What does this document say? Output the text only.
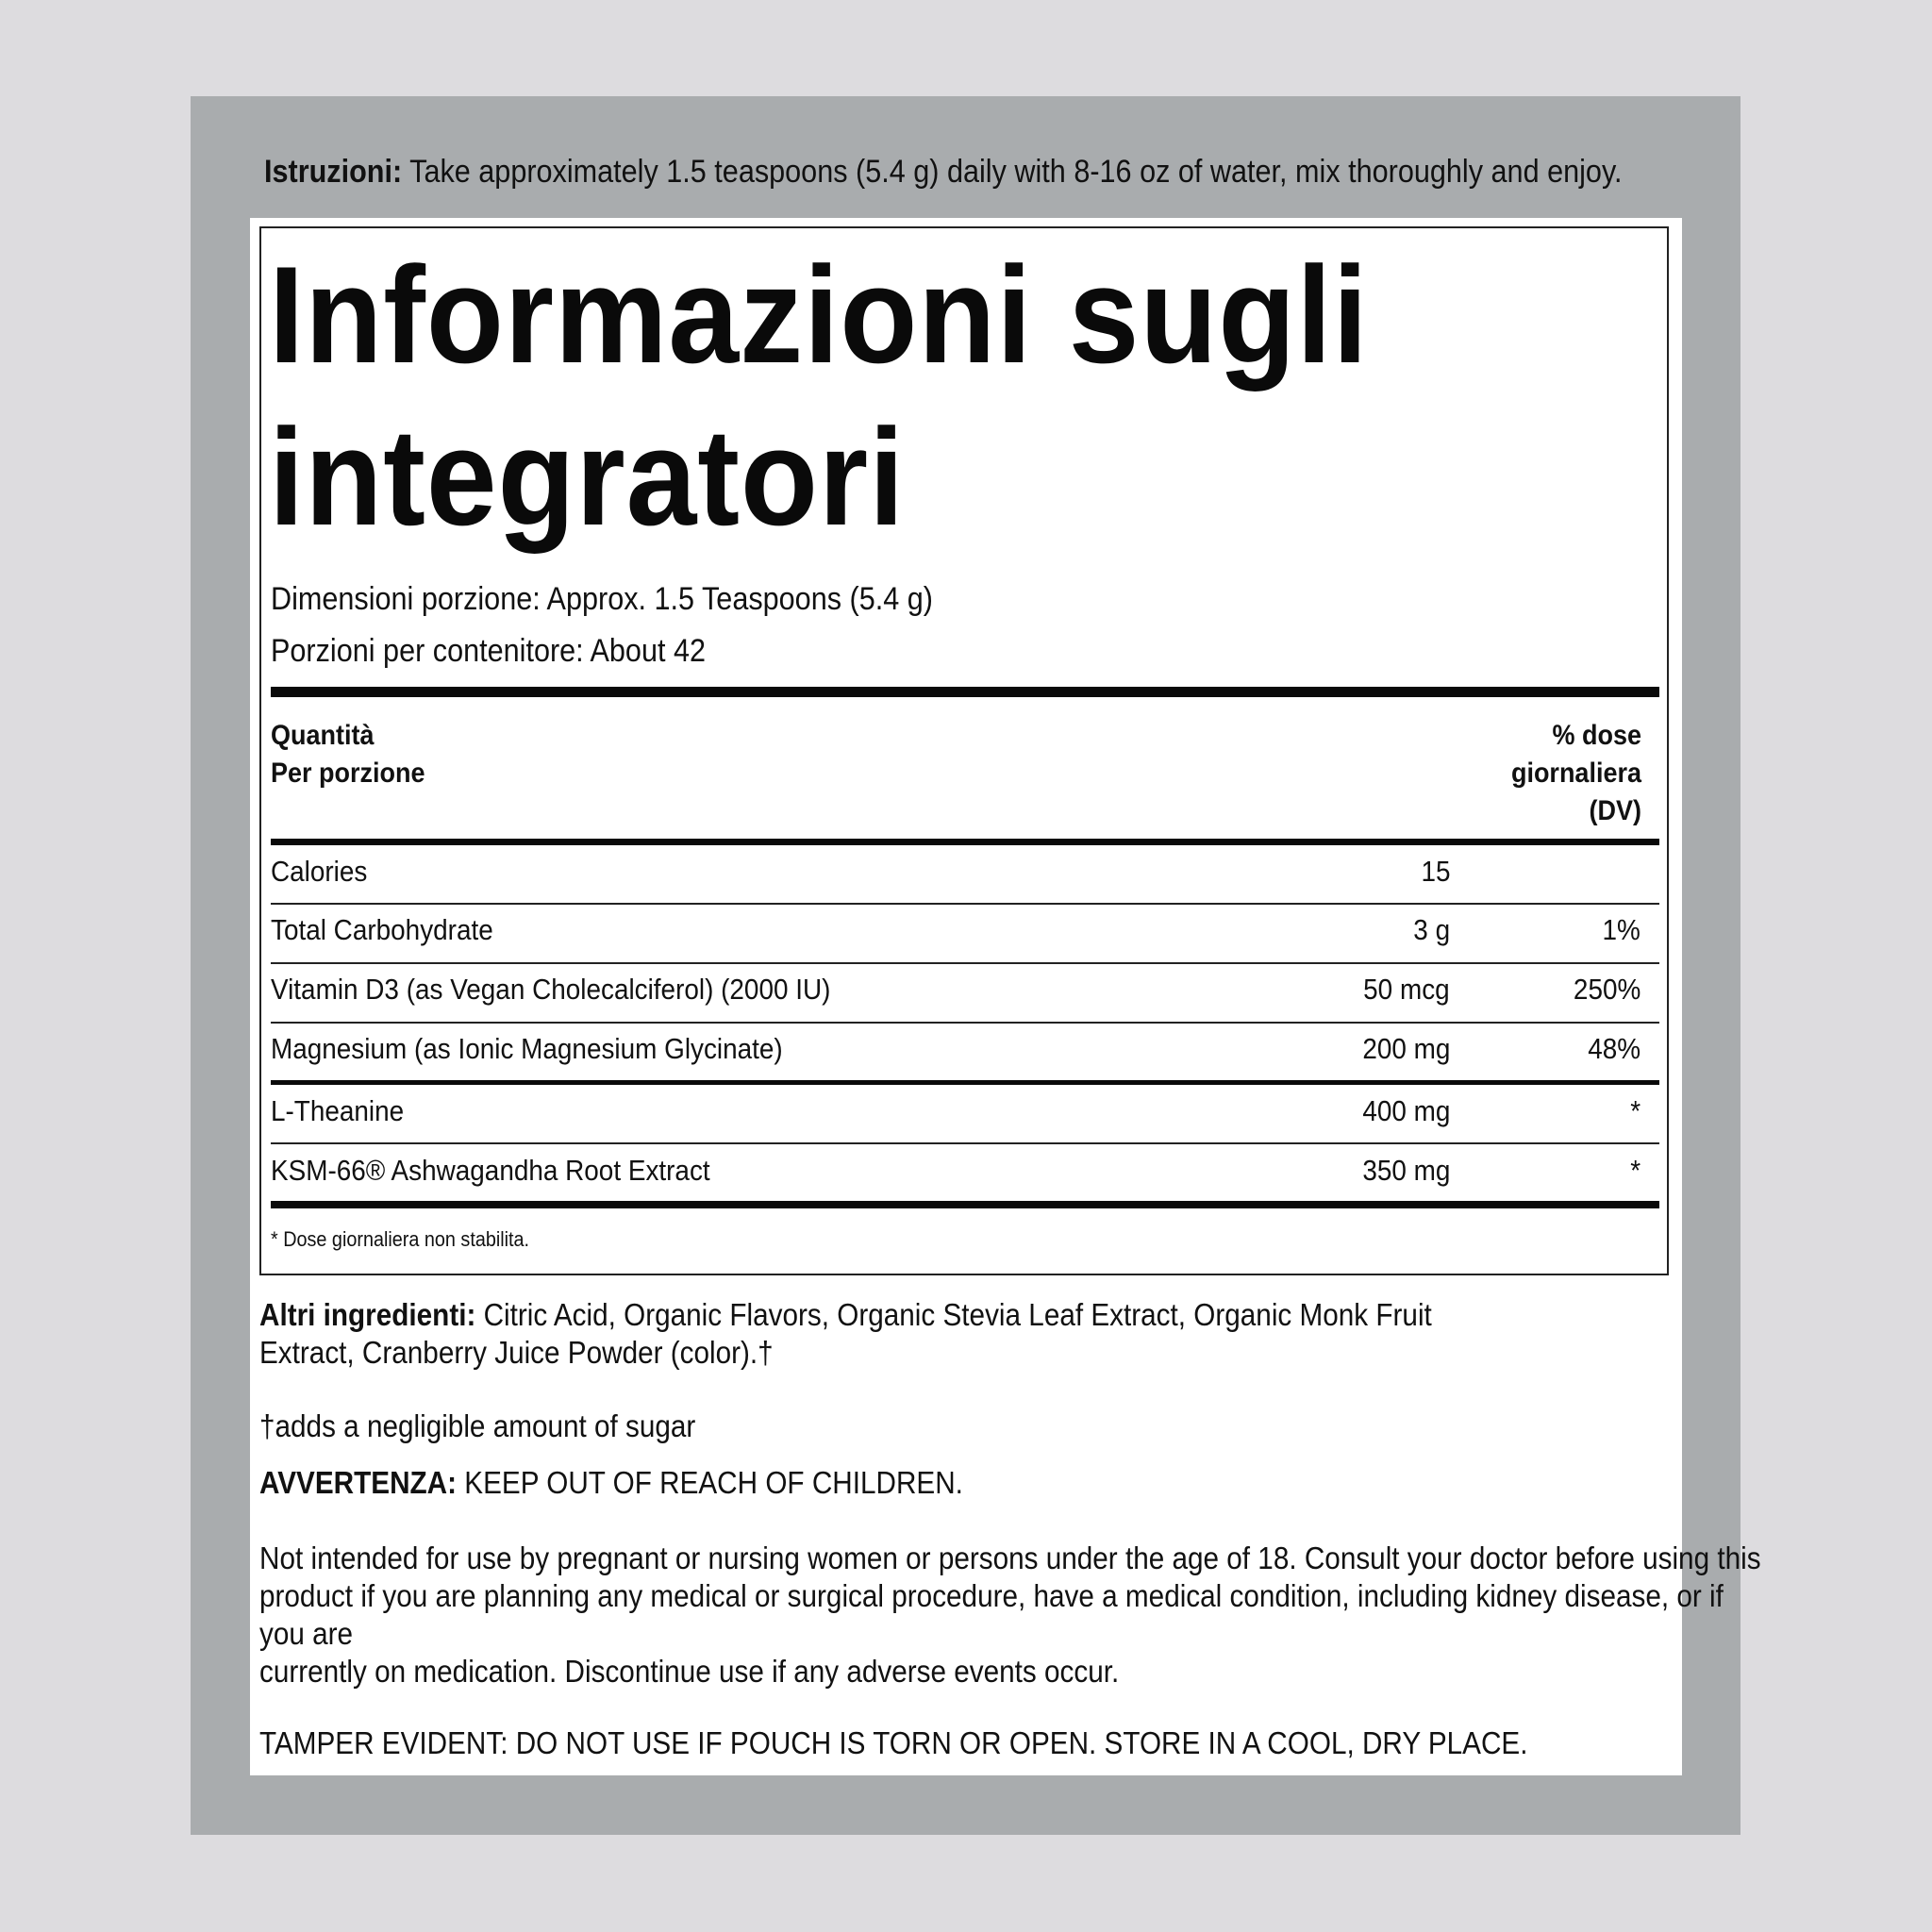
Istruzioni: Take approximately 1.5 teaspoons (5.4 g) daily with 8-16 oz of water, mix thoroughly and enjoy.
Informazioni sugli
integratori
Dimensioni porzione: Approx. 1.5 Teaspoons (5.4 g)
Porzioni per contenitore: About 42
Quantità
Per porzione
% dose
giornaliera
(DV)
Calories	15
Total Carbohydrate	3 g	1%
Vitamin D3 (as Vegan Cholecalciferol) (2000 IU)	50 mcg	250%
Magnesium (as Ionic Magnesium Glycinate)	200 mg	48%
L-Theanine	400 mg	*
KSM-66® Ashwagandha Root Extract	350 mg	*
* Dose giornaliera non stabilita.
Altri ingredienti: Citric Acid, Organic Flavors, Organic Stevia Leaf Extract, Organic Monk Fruit
Extract, Cranberry Juice Powder (color).†
†adds a negligible amount of sugar
AVVERTENZA: KEEP OUT OF REACH OF CHILDREN.
Not intended for use by pregnant or nursing women or persons under the age of 18. Consult your doctor before using this
product if you are planning any medical or surgical procedure, have a medical condition, including kidney disease, or if
you are
currently on medication. Discontinue use if any adverse events occur.
TAMPER EVIDENT: DO NOT USE IF POUCH IS TORN OR OPEN. STORE IN A COOL, DRY PLACE.
